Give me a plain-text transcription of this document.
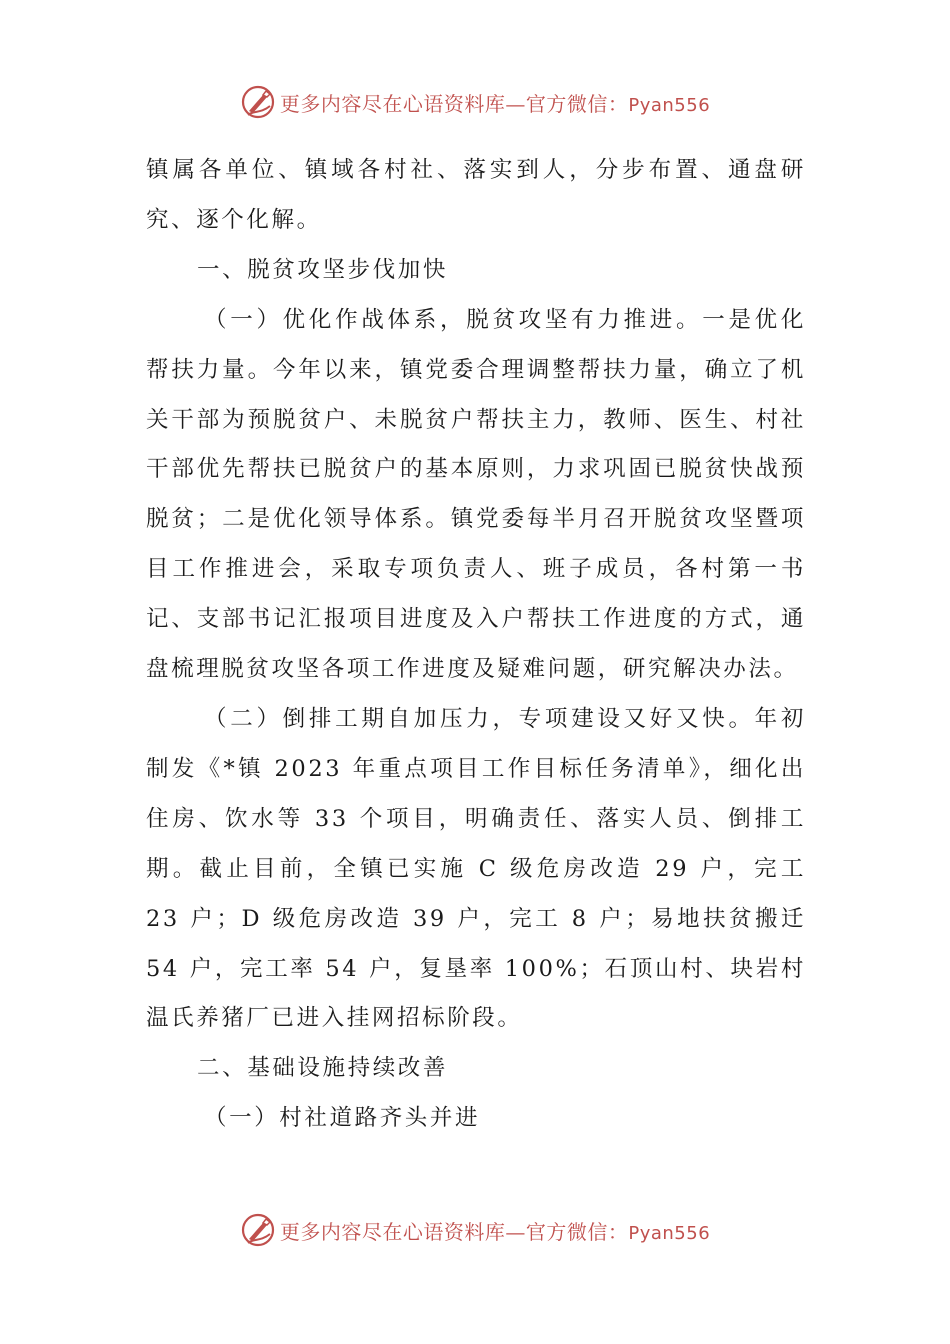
更多内容尽在心语资料库—官方微信：Pyan556

镇属各单位、镇域各村社、落实到人，分步布置、通盘研究、逐个化解。

一、脱贫攻坚步伐加快

（一）优化作战体系，脱贫攻坚有力推进。一是优化帮扶力量。今年以来，镇党委合理调整帮扶力量，确立了机关干部为预脱贫户、未脱贫户帮扶主力，教师、医生、村社干部优先帮扶已脱贫户的基本原则，力求巩固已脱贫快战预脱贫；二是优化领导体系。镇党委每半月召开脱贫攻坚暨项目工作推进会，采取专项负责人、班子成员，各村第一书记、支部书记汇报项目进度及入户帮扶工作进度的方式，通盘梳理脱贫攻坚各项工作进度及疑难问题，研究解决办法。

（二）倒排工期自加压力，专项建设又好又快。年初制发《*镇 2023 年重点项目工作目标任务清单》，细化出住房、饮水等 33 个项目，明确责任、落实人员、倒排工期。截止目前，全镇已实施 C 级危房改造 29 户，完工 23 户；D 级危房改造 39 户，完工 8 户；易地扶贫搬迁 54 户，完工率 54 户，复垦率 100%；石顶山村、块岩村温氏养猪厂已进入挂网招标阶段。

二、基础设施持续改善

（一）村社道路齐头并进

更多内容尽在心语资料库—官方微信：Pyan556
